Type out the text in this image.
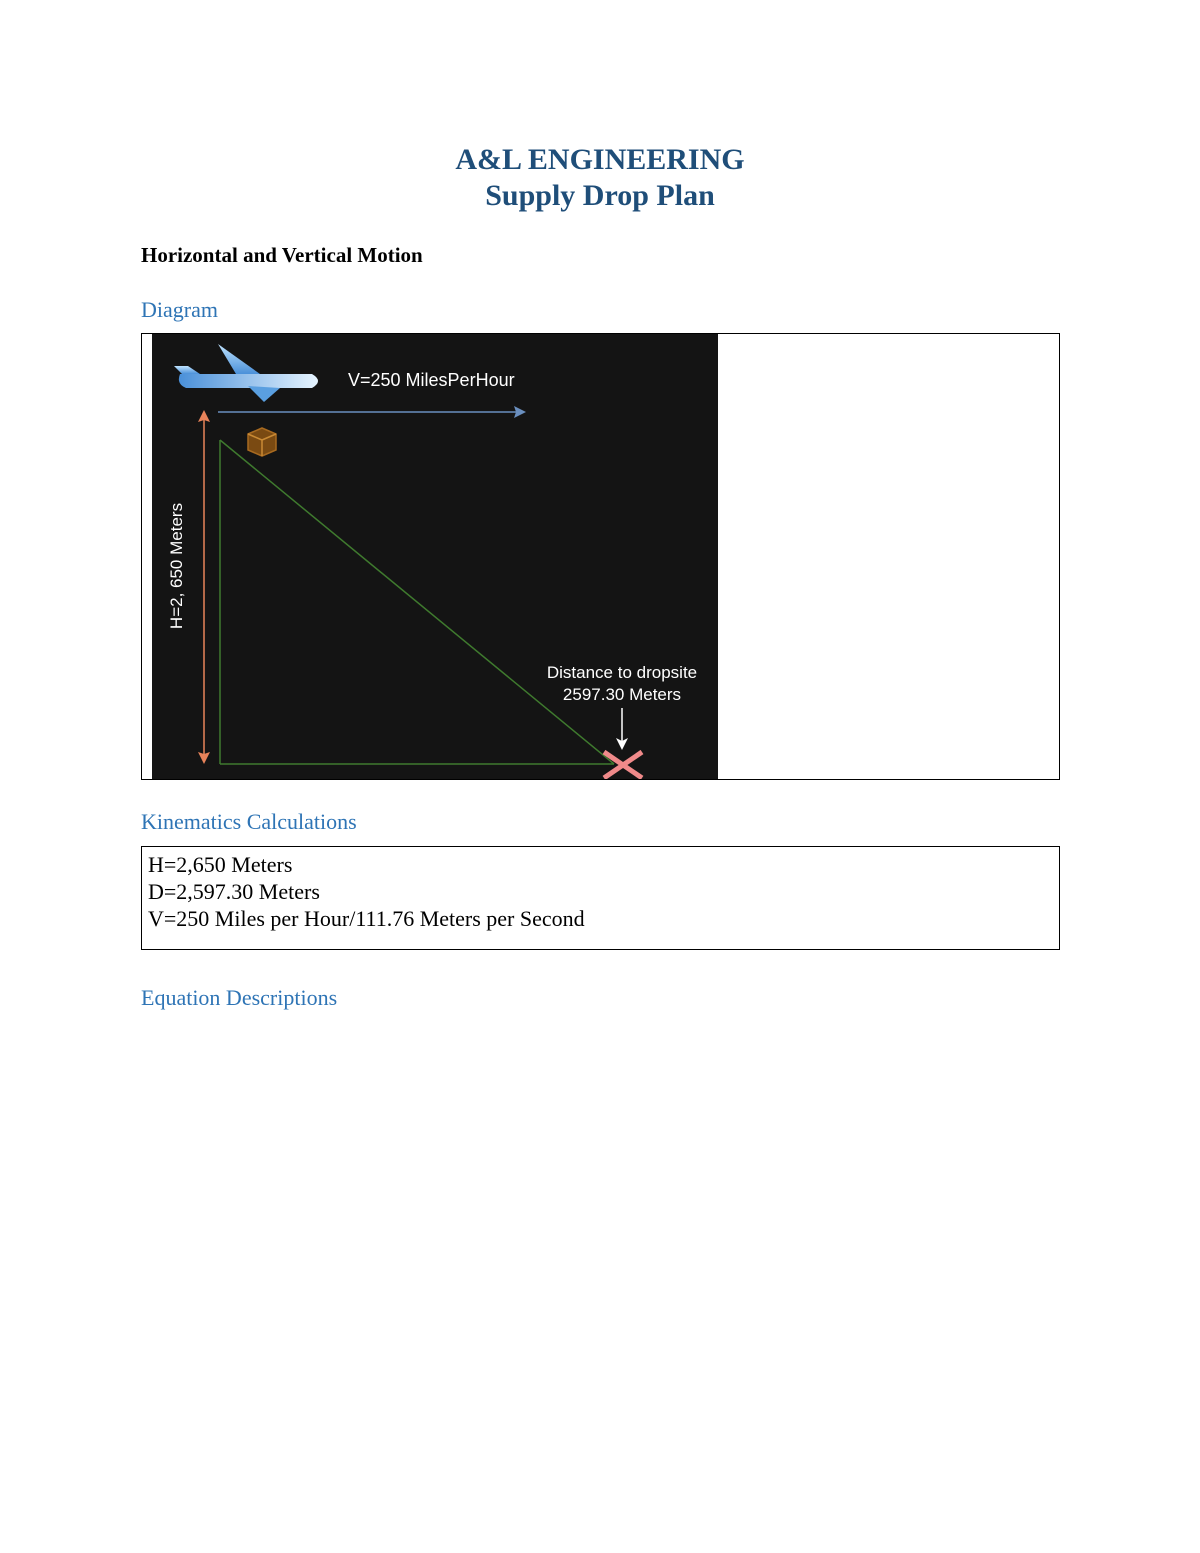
A&L ENGINEERING
Supply Drop Plan
Horizontal and Vertical Motion
Diagram
V=250 MilesPerHour
H=2, 650 Meters
Distance to dropsite
2597.30 Meters
Kinematics Calculations

H=2,650 Meters

D=2,597.30 Meters

V=250 Miles per Hour/111.76 Meters per Second

Equation Descriptions
